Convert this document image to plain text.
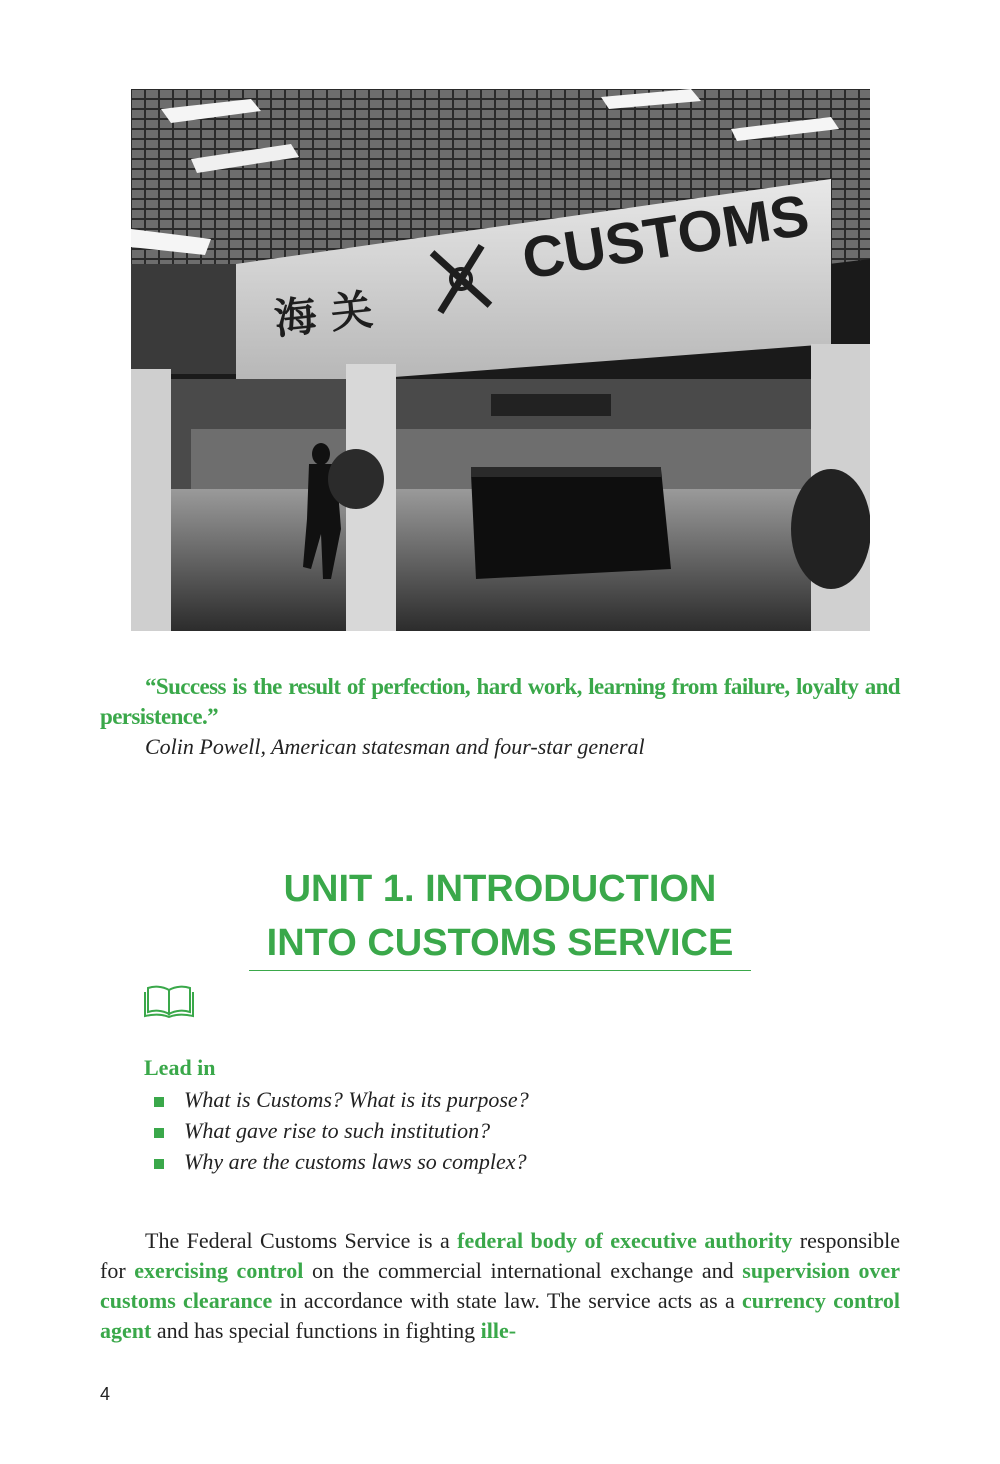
CUSTOMS
海 关
“Success is the result of perfection, hard work, learning from failure, loyalty and persistence.”
Colin Powell, American statesman and four-star general
UNIT 1. INTRODUCTION
INTO CUSTOMS SERVICE
Lead in
What is Customs? What is its purpose?
What gave rise to such institution?
Why are the customs laws so complex?

The Federal Customs Service is a federal body of executive authority responsible for exercising control on the commercial international exchange and supervision over customs clearance in accordance with state law. The service acts as a currency control agent and has special functions in fighting ille-

4
